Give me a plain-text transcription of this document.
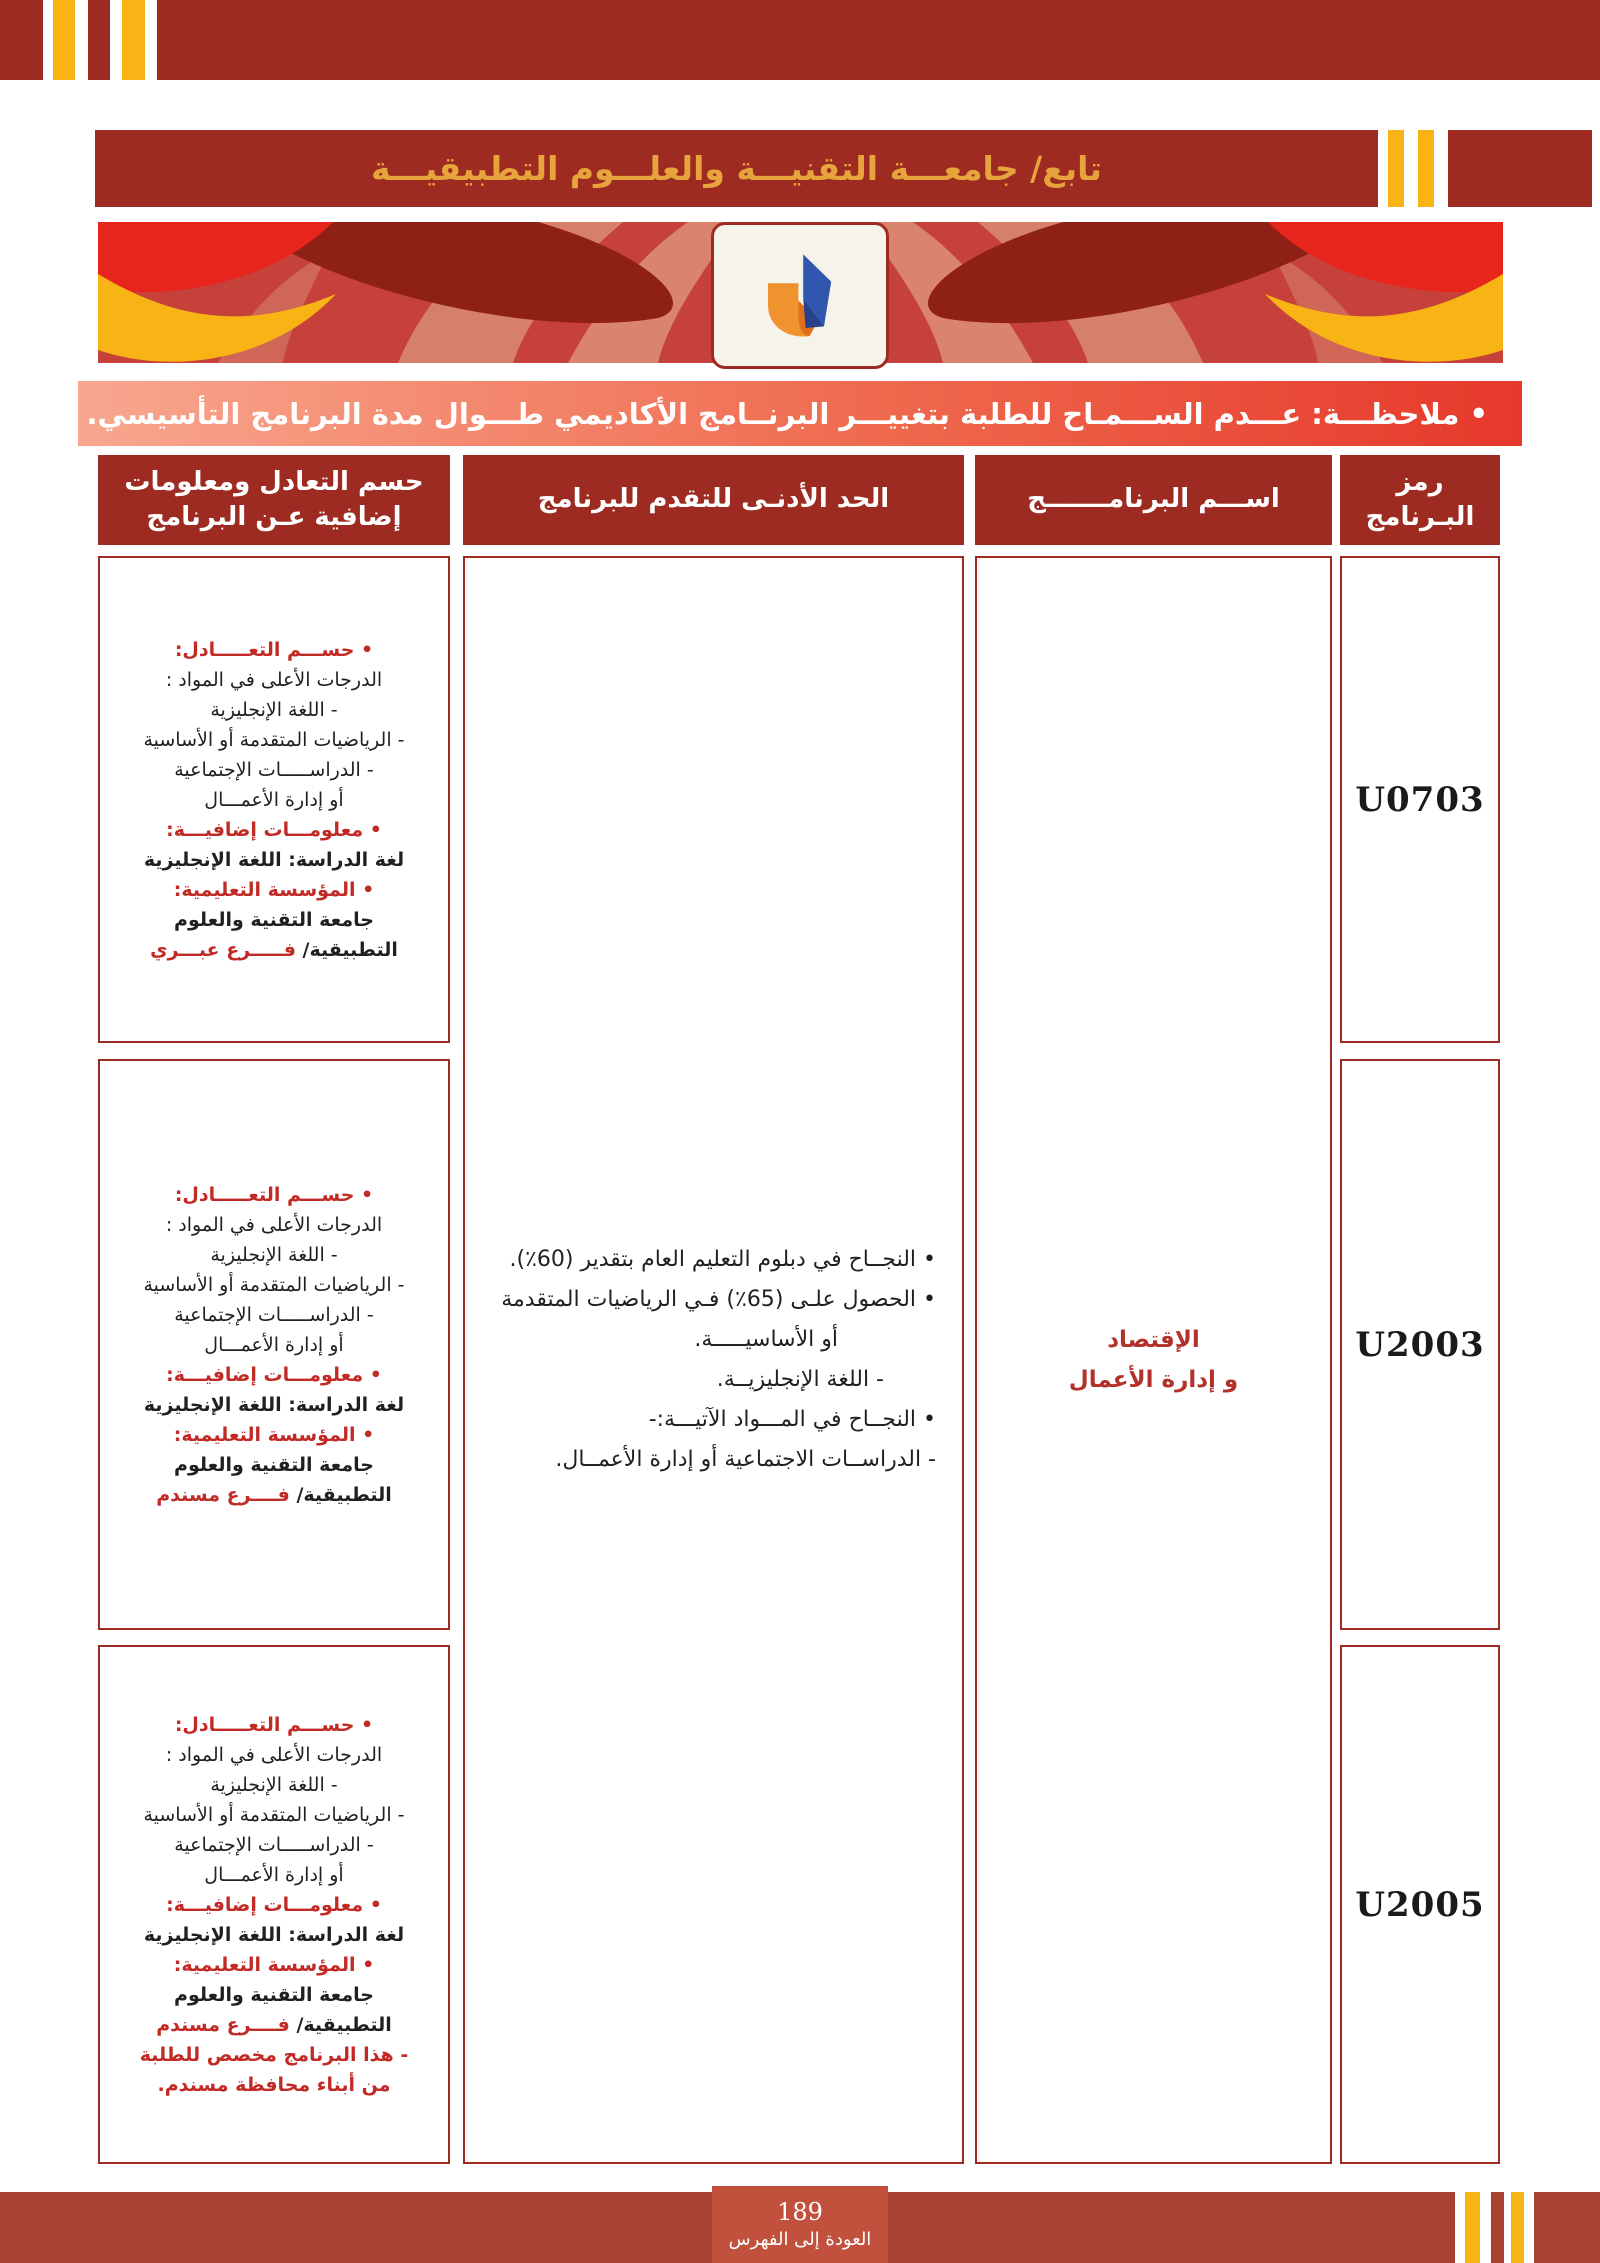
تابع/ جامعـــة التقنيـــة والعلـــوم التطبيقيـــة
• ملاحظـــة: عـــدم الســـمـاح للطلبة بتغييـــر البرنــامج الأكاديمي طـــوال مدة البرنامج التأسيسي.
حسم التعادل ومعلومات
إضافية عـن البرنامج
الحد الأدنـى للتقدم للبرنامج	اســـم البرنامـــــــج
رمز البـرنامج
• حســـم التعـــــادل:
الدرجات الأعلى في المواد :
- اللغة الإنجليزية
- الرياضيات المتقدمة أو الأساسية
- الدراســـــات الإجتماعية
أو إدارة الأعمـــال
• معلومـــات إضافيـــة:
لغة الدراسة: اللغة الإنجليزية
• المؤسسة التعليمية:
جامعة التقنية والعلوم
التطبيقية/ فـــــرع عبـــري
• حســـم التعـــــادل:
الدرجات الأعلى في المواد :
- اللغة الإنجليزية
- الرياضيات المتقدمة أو الأساسية
- الدراســـــات الإجتماعية
أو إدارة الأعمـــال
• معلومـــات إضافيـــة:
لغة الدراسة: اللغة الإنجليزية
• المؤسسة التعليمية:
جامعة التقنية والعلوم
التطبيقية/ فــــرع مسندم
• حســـم التعـــــادل:
الدرجات الأعلى في المواد :
- اللغة الإنجليزية
- الرياضيات المتقدمة أو الأساسية
- الدراســـــات الإجتماعية
أو إدارة الأعمـــال
• معلومـــات إضافيـــة:
لغة الدراسة: اللغة الإنجليزية
• المؤسسة التعليمية:
جامعة التقنية والعلوم
التطبيقية/ فــــرع مسندم
- هذا البرنامج مخصص للطلبة
من أبناء محافظة مسندم.
• النجــاح في دبلوم التعليم العام بتقدير (60٪).
• الحصول علـى (65٪) فـي الرياضيات المتقدمة
أو الأساسيـــــة.
- اللغة الإنجليزيــة.
• النجــاح في المـــواد الآتيـــة:-
- الدراســات الاجتماعية أو إدارة الأعمــال.
الإقتصاد
و إدارة الأعمال
U0703
U2003
U2005
189
العودة إلى الفهرس
